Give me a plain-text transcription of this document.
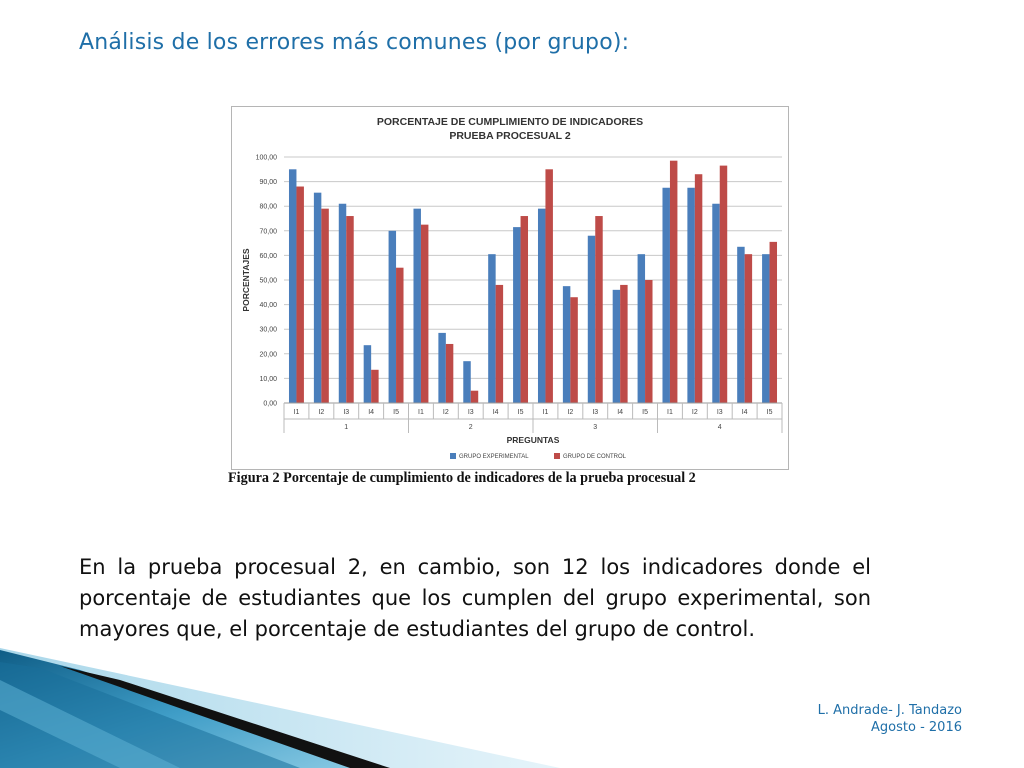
Análisis de los errores más comunes (por grupo):
PORCENTAJE DE CUMPLIMIENTO DE INDICADORES
PRUEBA PROCESUAL 2
0,00
10,00
20,00
30,00
40,00
50,00
60,00
70,00
80,00
90,00
100,00
PORCENTAJES
I1	I2	I3	I4	I5	I1	I2	I3	I4	I5	I1	I2	I3	I4	I5	I1	I2	I3	I4	I5
1	2	3	4
PREGUNTAS
GRUPO EXPERIMENTAL	GRUPO DE CONTROL
Figura 2 Porcentaje de cumplimiento de indicadores de la prueba procesual 2
En la prueba procesual 2, en cambio, son 12 los indicadores donde el porcentaje de estudiantes que los cumplen del grupo experimental, son mayores que, el porcentaje de estudiantes del grupo de control.
L. Andrade- J. Tandazo
Agosto - 2016
